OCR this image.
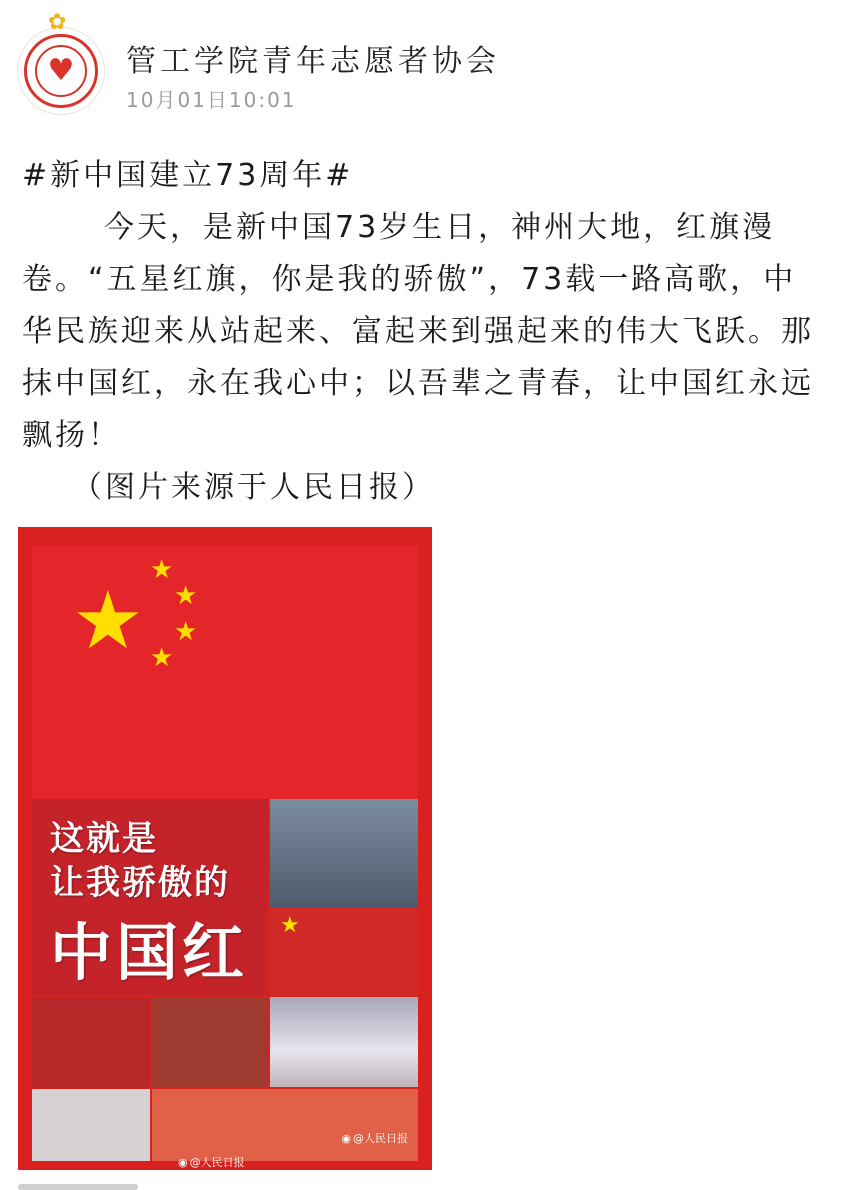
✿
♥ 管工学院青年志愿者协会
10月01日10:01

#新中国建立73周年#

今天，是新中国73岁生日，神州大地，红旗漫

卷。“五星红旗，你是我的骄傲”，73载一路高歌，中

华民族迎来从站起来、富起来到强起来的伟大飞跃。那

抹中国红，永在我心中；以吾辈之青春，让中国红永远

飘扬！

（图片来源于人民日报）

★
★
★
★
★
★
这就是
让我骄傲的
中国红
◉ @人民日报
◉ @人民日报
